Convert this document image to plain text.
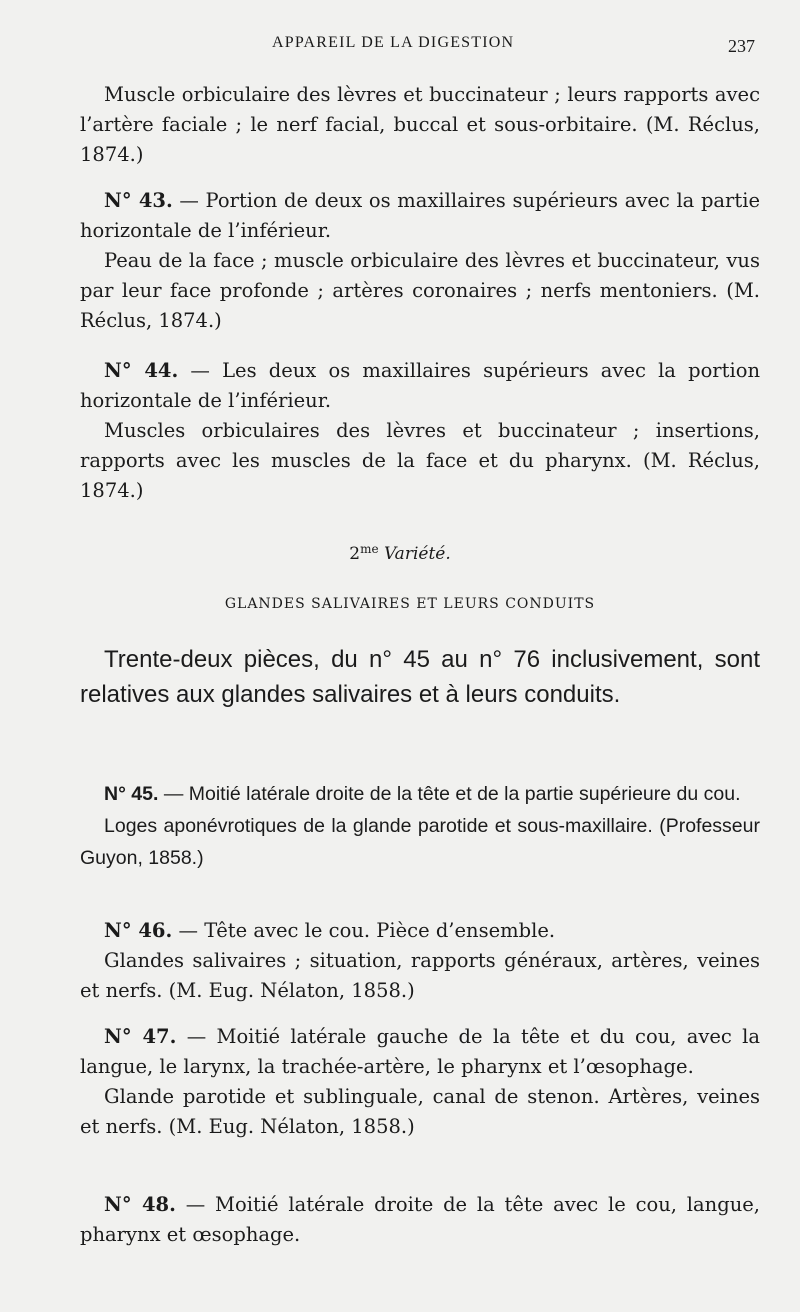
APPAREIL DE LA DIGESTION	237

Muscle orbiculaire des lèvres et buccinateur ; leurs rapports avec l’artère faciale ; le nerf facial, buccal et sous-orbitaire. (M. Réclus, 1874.)

N° 43. — Portion de deux os maxillaires supérieurs avec la partie horizontale de l’inférieur.

Peau de la face ; muscle orbiculaire des lèvres et buccinateur, vus par leur face profonde ; artères coronaires ; nerfs mentoniers. (M. Réclus, 1874.)

N° 44. — Les deux os maxillaires supérieurs avec la portion horizontale de l’inférieur.

Muscles orbiculaires des lèvres et buccinateur ; insertions, rapports avec les muscles de la face et du pharynx. (M. Réclus, 1874.)

$2^{me}$ Variété.
GLANDES SALIVAIRES ET LEURS CONDUITS
Trente-deux pièces, du n° 45 au n° 76 inclusivement, sont relatives aux glandes salivaires et à leurs conduits.

N° 45. — Moitié latérale droite de la tête et de la partie supérieure du cou.

Loges aponévrotiques de la glande parotide et sous-maxillaire. (Professeur Guyon, 1858.)

N° 46. — Tête avec le cou. Pièce d’ensemble.

Glandes salivaires ; situation, rapports généraux, artères, veines et nerfs. (M. Eug. Nélaton, 1858.)

N° 47. — Moitié latérale gauche de la tête et du cou, avec la langue, le larynx, la trachée-artère, le pharynx et l’œsophage.

Glande parotide et sublinguale, canal de stenon. Artères, veines et nerfs. (M. Eug. Nélaton, 1858.)

N° 48. — Moitié latérale droite de la tête avec le cou, langue, pharynx et œsophage.
